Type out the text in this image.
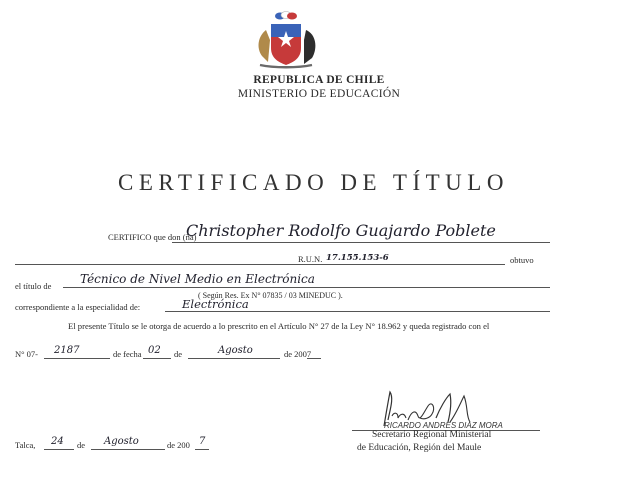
REPUBLICA DE CHILE
MINISTERIO DE EDUCACIÓN
CERTIFICADO DE TÍTULO
CERTIFICO que don (ña)
Christopher Rodolfo Guajardo Poblete
R.U.N. 17.155.153-6	obtuvo
el título de Técnico de Nivel Medio en Electrónica
( Según Res. Ex N° 07835 / 03 MINEDUC ).
correspondiente a la especialidad de:	Electrónica
El presente Título se le otorga de acuerdo a lo prescrito en el Artículo N° 27 de la Ley N° 18.962 y queda registrado con el
N° 07- 2187	de fecha 02 de	Agosto	de 2007
RICARDO ANDRES DIAZ MORA
Secretario Regional Ministerial
de Educación, Región del Maule
Talca, 24 de Agosto	de 200 7
